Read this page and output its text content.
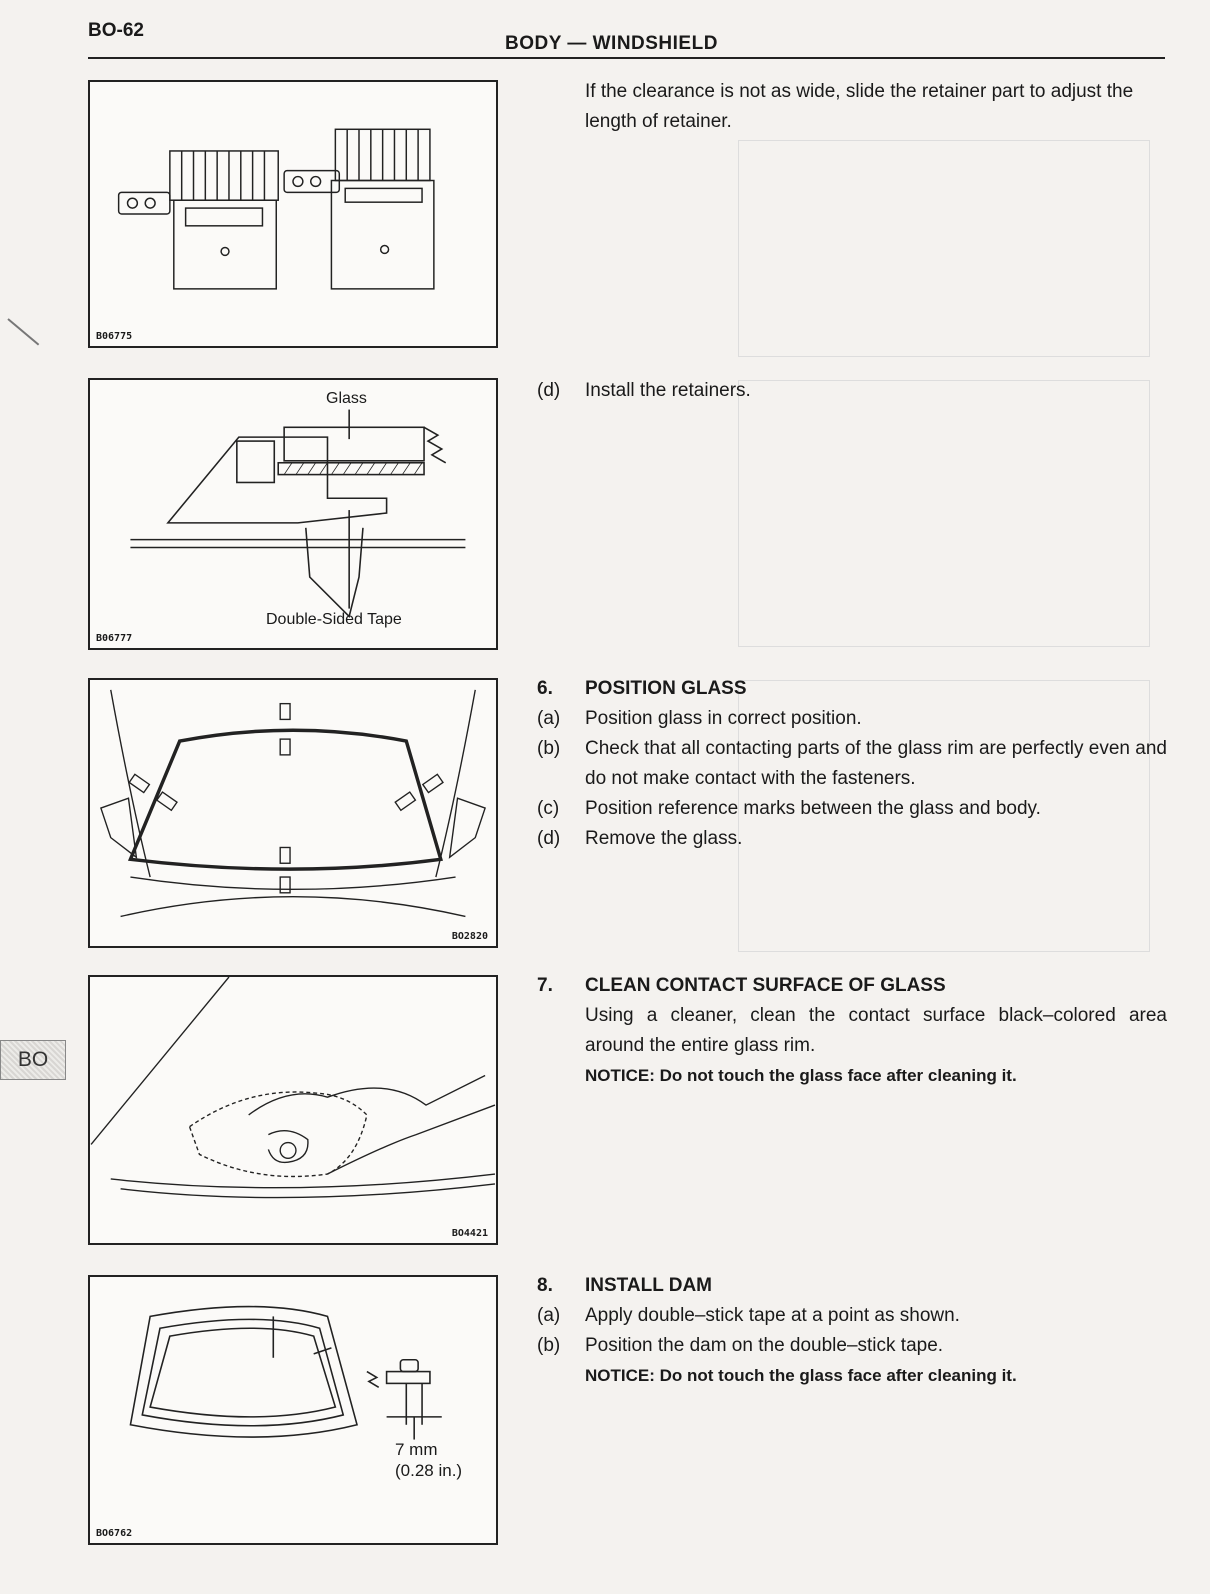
BO-62
BODY — WINDSHIELD
BO
B06775
Glass
Double-Sided Tape
B06777
BO2820
BO4421
7 mm
(0.28 in.)
BO6762
If the clearance is not as wide, slide the retainer part to adjust the length of retainer.
(d)	Install the retainers.
6.	POSITION GLASS
(a)	Position glass in correct position.
(b)	Check that all contacting parts of the glass rim are perfectly even and do not make contact with the fasteners.
(c)	Position reference marks between the glass and body.
(d)	Remove the glass.
7.	CLEAN CONTACT SURFACE OF GLASS
Using a cleaner, clean the contact surface black–colored area around the entire glass rim.
NOTICE: Do not touch the glass face after cleaning it.
8.	INSTALL DAM
(a)	Apply double–stick tape at a point as shown.
(b)	Position the dam on the double–stick tape.
NOTICE: Do not touch the glass face after cleaning it.
